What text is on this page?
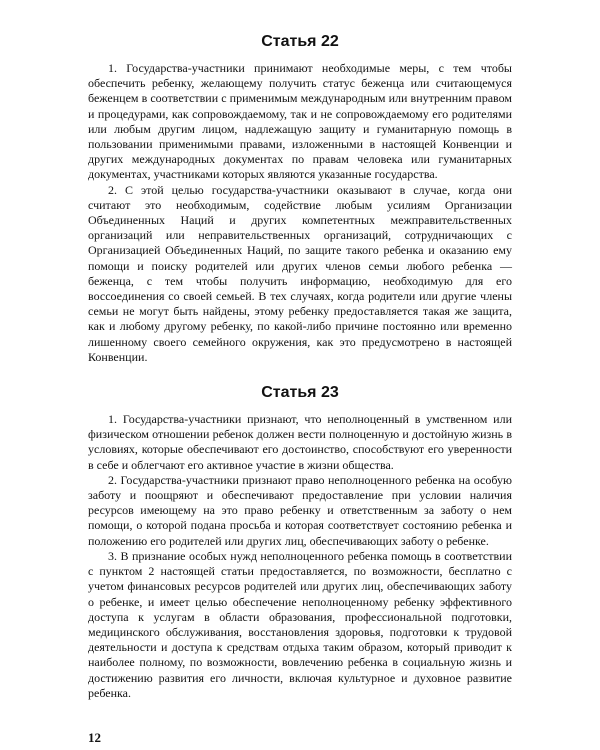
Статья 22

1. Государства-участники принимают необходимые меры, с тем чтобы обеспечить ребенку, желающему получить статус беженца или считающемуся беженцем в соответствии с применимым международным или внутренним правом и процедурами, как сопровождаемому, так и не сопровождаемому его родителями или любым другим лицом, надлежащую защиту и гуманитарную помощь в пользовании применимыми правами, изложенными в настоящей Конвенции и других международных документах по правам человека или гуманитарных документах, участниками которых являются указанные государства.

2. С этой целью государства-участники оказывают в случае, когда они считают это необходимым, содействие любым усилиям Организации Объединенных Наций и других компетентных межправительственных организаций или неправительственных организаций, сотрудничающих с Организацией Объединенных Наций, по защите такого ребенка и оказанию ему помощи и поиску родителей или других членов семьи любого ребенка — беженца, с тем чтобы получить информацию, необходимую для его воссоединения со своей семьей. В тех случаях, когда родители или другие члены семьи не могут быть найдены, этому ребенку предоставляется такая же защита, как и любому другому ребенку, по какой-либо причине постоянно или временно лишенному своего семейного окружения, как это предусмотрено в настоящей Конвенции.

Статья 23

1. Государства-участники признают, что неполноценный в умственном или физическом отношении ребенок должен вести полноценную и достойную жизнь в условиях, которые обеспечивают его достоинство, способствуют его уверенности в себе и облегчают его активное участие в жизни общества.

2. Государства-участники признают право неполноценного ребенка на особую заботу и поощряют и обеспечивают предоставление при условии наличия ресурсов имеющему на это право ребенку и ответственным за заботу о нем помощи, о которой подана просьба и которая соответствует состоянию ребенка и положению его родителей или других лиц, обеспечивающих заботу о ребенке.

3. В признание особых нужд неполноценного ребенка помощь в соответствии с пунктом 2 настоящей статьи предоставляется, по возможности, бесплатно с учетом финансовых ресурсов родителей или других лиц, обеспечивающих заботу о ребенке, и имеет целью обеспечение неполноценному ребенку эффективного доступа к услугам в области образования, профессиональной подготовки, медицинского обслуживания, восстановления здоровья, подготовки к трудовой деятельности и доступа к средствам отдыха таким образом, который приводит к наиболее полному, по возможности, вовлечению ребенка в социальную жизнь и достижению развития его личности, включая культурное и духовное развитие ребенка.

12
